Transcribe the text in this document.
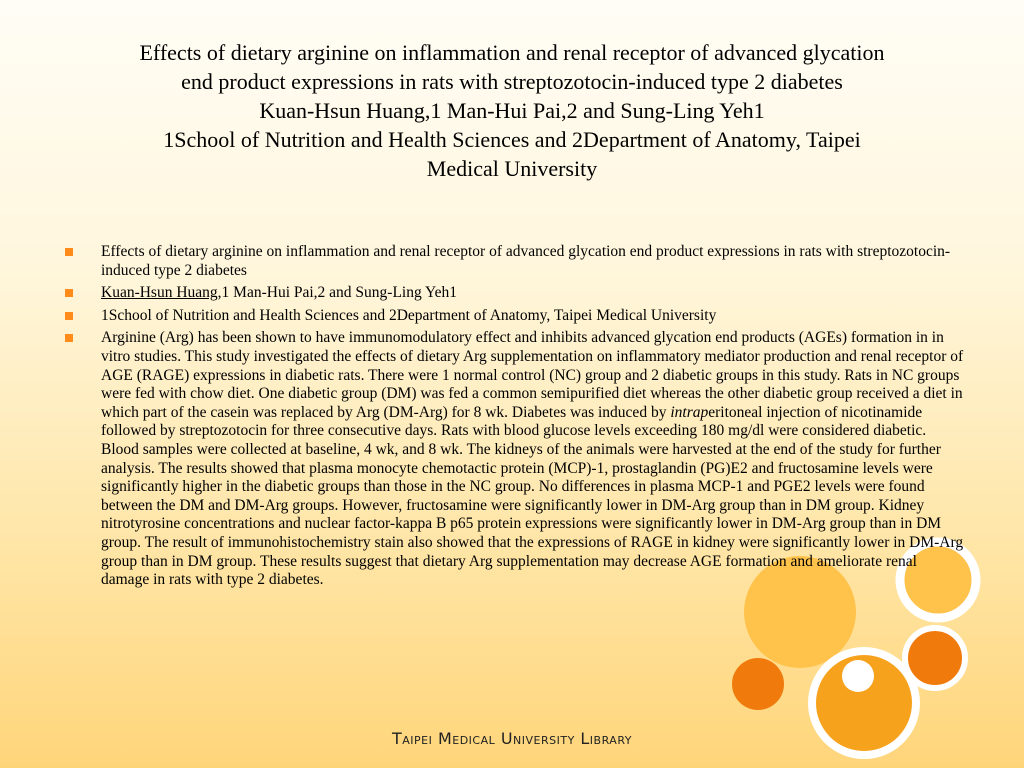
Effects of dietary arginine on inflammation and renal receptor of advanced glycation
end product expressions in rats with streptozotocin-induced type 2 diabetes
Kuan-Hsun Huang,1 Man-Hui Pai,2 and Sung-Ling Yeh1
1School of Nutrition and Health Sciences and 2Department of Anatomy, Taipei
Medical University
Effects of dietary arginine on inflammation and renal receptor of advanced glycation end product expressions in rats with streptozotocin-induced type 2 diabetes
Kuan-Hsun Huang,1 Man-Hui Pai,2 and Sung-Ling Yeh1
1School of Nutrition and Health Sciences and 2Department of Anatomy, Taipei Medical University
Arginine (Arg) has been shown to have immunomodulatory effect and inhibits advanced glycation end products (AGEs) formation in in vitro studies. This study investigated the effects of dietary Arg supplementation on inflammatory mediator production and renal receptor of AGE (RAGE) expressions in diabetic rats. There were 1 normal control (NC) group and 2 diabetic groups in this study. Rats in NC groups were fed with chow diet. One diabetic group (DM) was fed a common semipurified diet whereas the other diabetic group received a diet in which part of the casein was replaced by Arg (DM-Arg) for 8 wk. Diabetes was induced by intraperitoneal injection of nicotinamide followed by streptozotocin for three consecutive days. Rats with blood glucose levels exceeding 180 mg/dl were considered diabetic. Blood samples were collected at baseline, 4 wk, and 8 wk. The kidneys of the animals were harvested at the end of the study for further analysis. The results showed that plasma monocyte chemotactic protein (MCP)-1, prostaglandin (PG)E2 and fructosamine levels were significantly higher in the diabetic groups than those in the NC group. No differences in plasma MCP-1 and PGE2 levels were found between the DM and DM-Arg groups. However, fructosamine were significantly lower in DM-Arg group than in DM group. Kidney nitrotyrosine concentrations and nuclear factor-kappa B p65 protein expressions were significantly lower in DM-Arg group than in DM group. The result of immunohistochemistry stain also showed that the expressions of RAGE in kidney were significantly lower in DM-Arg group than in DM group. These results suggest that dietary Arg supplementation may decrease AGE formation and ameliorate renal damage in rats with type 2 diabetes.
Taipei Medical University Library
